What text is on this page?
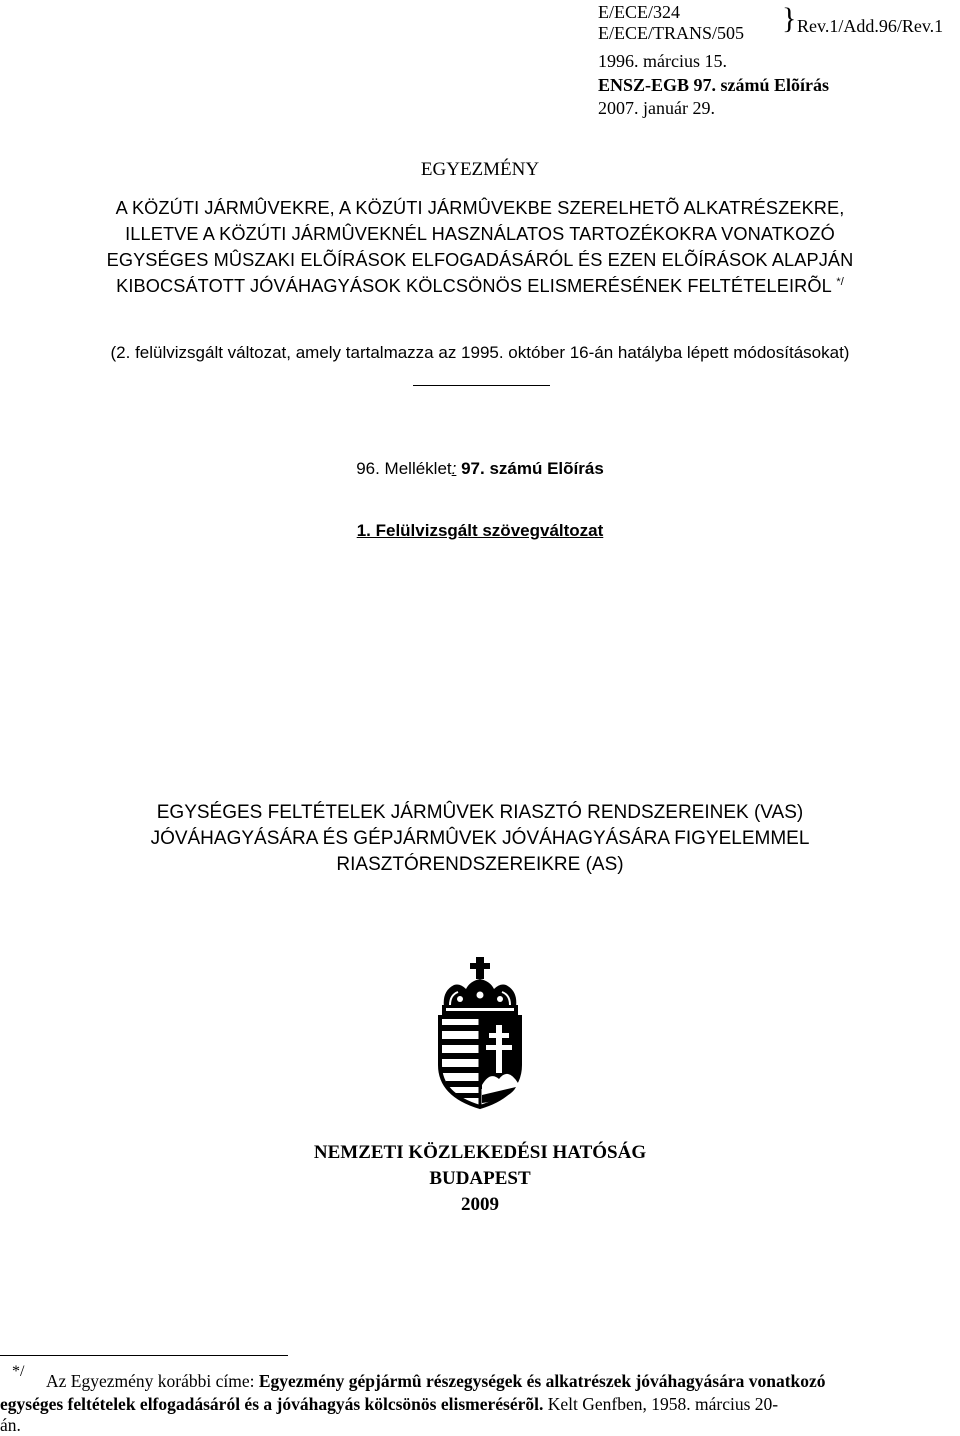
E/ECE/324
E/ECE/TRANS/505 } Rev.1/Add.96/Rev.1
1996. március 15.
ENSZ-EGB 97. számú Elõírás
2007. január 29.
EGYEZMÉNY
A KÖZÚTI JÁRMÛVEKRE, A KÖZÚTI JÁRMÛVEKBE SZERELHETÕ ALKATRÉSZEKRE,
ILLETVE A KÖZÚTI JÁRMÛVEKNÉL HASZNÁLATOS TARTOZÉKOKRA VONATKOZÓ
EGYSÉGES MÛSZAKI ELÕÍRÁSOK ELFOGADÁSÁRÓL ÉS EZEN ELÕÍRÁSOK ALAPJÁN
KIBOCSÁTOTT JÓVÁHAGYÁSOK KÖLCSÖNÖS ELISMERÉSÉNEK FELTÉTELEIRÕL */
(2. felülvizsgált változat, amely tartalmazza az 1995. október 16-án hatályba lépett módosításokat)
96. Melléklet: 97. számú Elõírás
1. Felülvizsgált szövegváltozat
EGYSÉGES FELTÉTELEK JÁRMÛVEK RIASZTÓ RENDSZEREINEK (VAS)
JÓVÁHAGYÁSÁRA ÉS GÉPJÁRMÛVEK JÓVÁHAGYÁSÁRA FIGYELEMMEL
RIASZTÓRENDSZEREIKRE (AS)
NEMZETI KÖZLEKEDÉSI HATÓSÁG
BUDAPEST
2009
*/ Az Egyezmény korábbi címe: Egyezmény gépjármû részegységek és alkatrészek jóváhagyására vonatkozó
egységes feltételek elfogadásáról és a jóváhagyás kölcsönös elismerésérõl. Kelt Genfben, 1958. március 20-
án.
